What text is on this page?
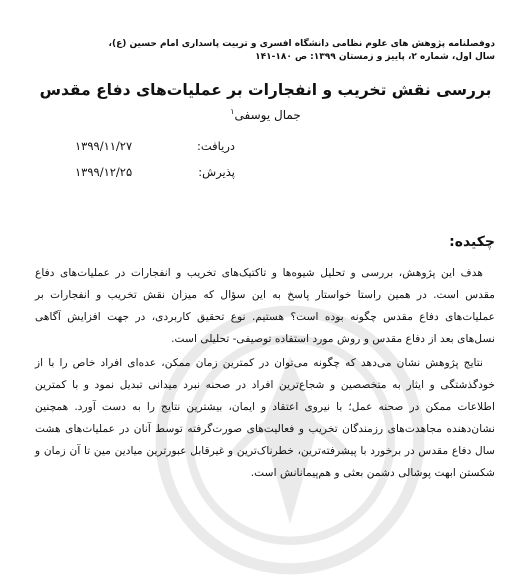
دوفصلنامه پژوهش های علوم نظامی دانشگاه افسری و تربیت پاسداری امام حسین (ع)،
سال اول، شماره ۲، پاییز و زمستان ۱۳۹۹: ص ۱۸۰-۱۴۱
بررسی نقش تخریب و انفجارات بر عملیات‌های دفاع مقدس
جمال یوسفی$^۱$
دریافت:
۱۳۹۹/۱۱/۲۷
پذیرش:
۱۳۹۹/۱۲/۲۵
چکیده:

هدف این پژوهش، بررسی و تحلیل شیوه‌ها و تاکتیک‌های تخریب و انفجارات در عملیات‌های دفاع مقدس است. در همین راستا خواستار پاسخ به این سؤال که میزان نقش تخریب و انفجارات بر عملیات‌های دفاع مقدس چگونه بوده است؟ هستیم. نوع تحقیق کاربردی، در جهت افزایش آگاهی نسل‌های بعد از دفاع مقدس و روش مورد استفاده توصیفی- تحلیلی است.

نتایج پژوهش نشان می‌دهد که چگونه می‌توان در کمترین زمان ممکن، عده‌ای افراد خاص را با از خودگذشتگی و ایثار به متخصصین و شجاع‌ترین افراد در صحنه نبرد میدانی تبدیل نمود و با کمترین اطلاعات ممکن در صحنه عمل؛ با نیروی اعتقاد و ایمان، بیشترین نتایج را به دست آورد. همچنین نشان‌دهنده مجاهدت‌های رزمندگان تخریب و فعالیت‌های صورت‌گرفته توسط آنان در عملیات‌های هشت سال دفاع مقدس در برخورد با پیشرفته‌ترین، خطرناک‌ترین و غیرقابل عبورترین میادین مین تا آن زمان و شکستن ابهت پوشالی دشمن بعثی و هم‌پیمانانش است.
